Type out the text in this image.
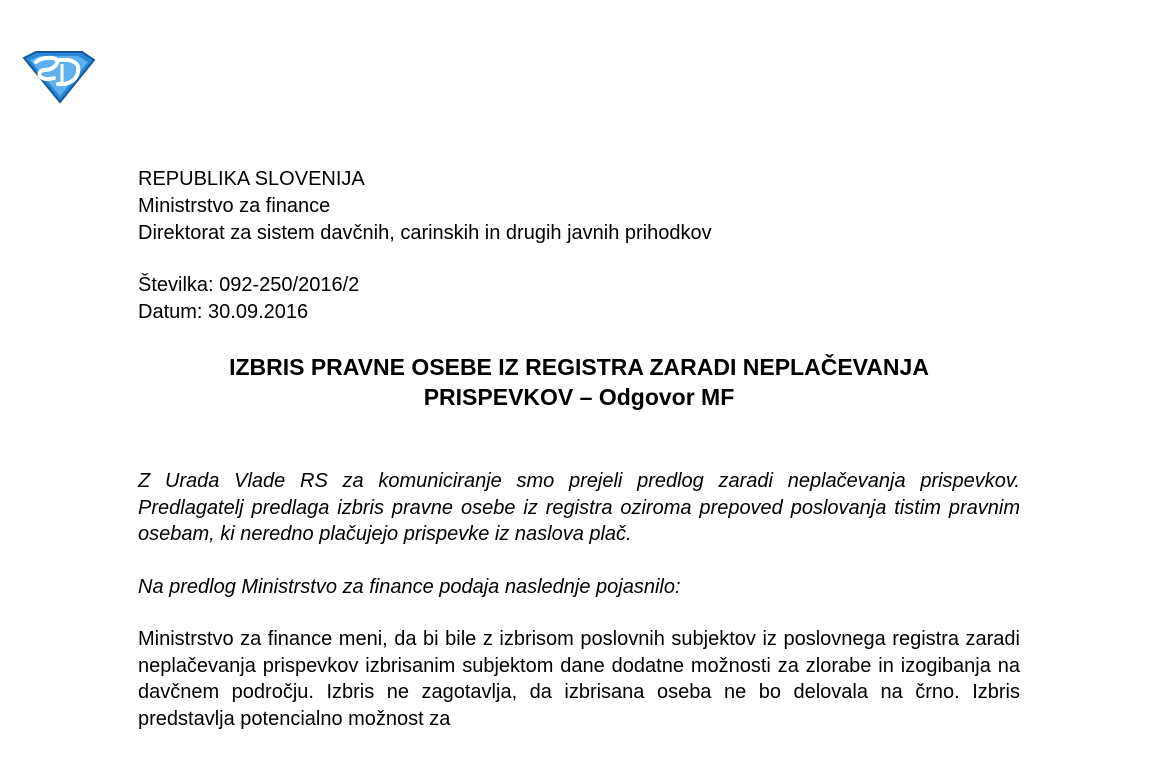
REPUBLIKA SLOVENIJA
Ministrstvo za finance
Direktorat za sistem davčnih, carinskih in drugih javnih prihodkov
Številka: 092-250/2016/2
Datum: 30.09.2016
IZBRIS PRAVNE OSEBE IZ REGISTRA ZARADI NEPLAČEVANJA
PRISPEVKOV – Odgovor MF

Z Urada Vlade RS za komuniciranje smo prejeli predlog zaradi neplačevanja prispevkov. Predlagatelj predlaga izbris pravne osebe iz registra oziroma prepoved poslovanja tistim pravnim osebam, ki neredno plačujejo prispevke iz naslova plač.

Na predlog Ministrstvo za finance podaja naslednje pojasnilo:

Ministrstvo za finance meni, da bi bile z izbrisom poslovnih subjektov iz poslovnega registra zaradi neplačevanja prispevkov izbrisanim subjektom dane dodatne možnosti za zlorabe in izogibanja na davčnem področju. Izbris ne zagotavlja, da izbrisana oseba ne bo delovala na črno. Izbris predstavlja potencialno možnost za
